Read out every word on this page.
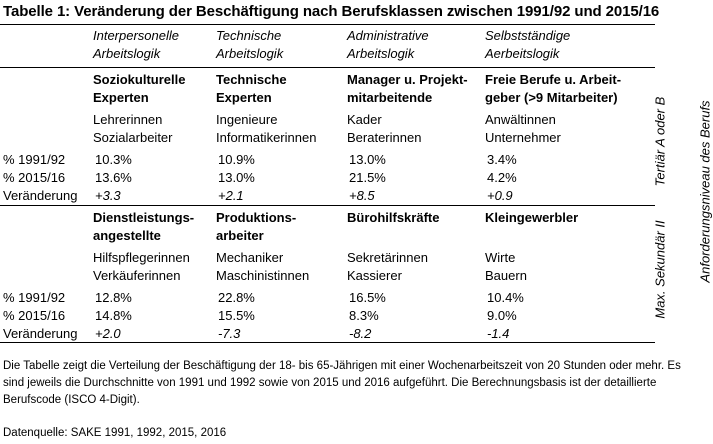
Tabelle 1: Veränderung der Beschäftigung nach Berufsklassen zwischen 1991/92 und 2015/16
Interpersonelle
Arbeitslogik
Technische
Arbeitslogik
Administrative
Arbeitslogik
Selbstständige
Aerbeitslogik
% 1991/92
% 2015/16
Veränderung
Soziokulturelle
Experten
Lehrerinnen
Sozialarbeiter
10.3%
13.6%
+3.3
Technische
Experten
Ingenieure
Informatikerinnen
10.9%
13.0%
+2.1
Manager u. Projekt-
mitarbeitende
Kader
Beraterinnen
13.0%
21.5%
+8.5
Freie Berufe u. Arbeit-
geber (>9 Mitarbeiter)
Anwältinnen
Unternehmer
3.4%
4.2%
+0.9
% 1991/92
% 2015/16
Veränderung
Dienstleistungs-
angestellte
Hilfspflegerinnen
Verkäuferinnen
12.8%
14.8%
+2.0
Produktions-
arbeiter
Mechaniker
Maschinistinnen
22.8%
15.5%
-7.3
Bürohilfskräfte
Sekretärinnen
Kassierer
16.5%
8.3%
-8.2
Kleingewerbler
Wirte
Bauern
10.4%
9.0%
-1.4
Tertiär A oder B
Max. Sekundär II Anforderungsniveau des Berufs
Die Tabelle zeigt die Verteilung der Beschäftigung der 18- bis 65-Jährigen mit einer Wochenarbeitszeit von 20 Stunden oder mehr. Es sind jeweils die Durchschnitte von 1991 und 1992 sowie von 2015 und 2016 aufgeführt. Die Berechnungsbasis ist der detaillierte Berufscode (ISCO 4-Digit).
Datenquelle: SAKE 1991, 1992, 2015, 2016
